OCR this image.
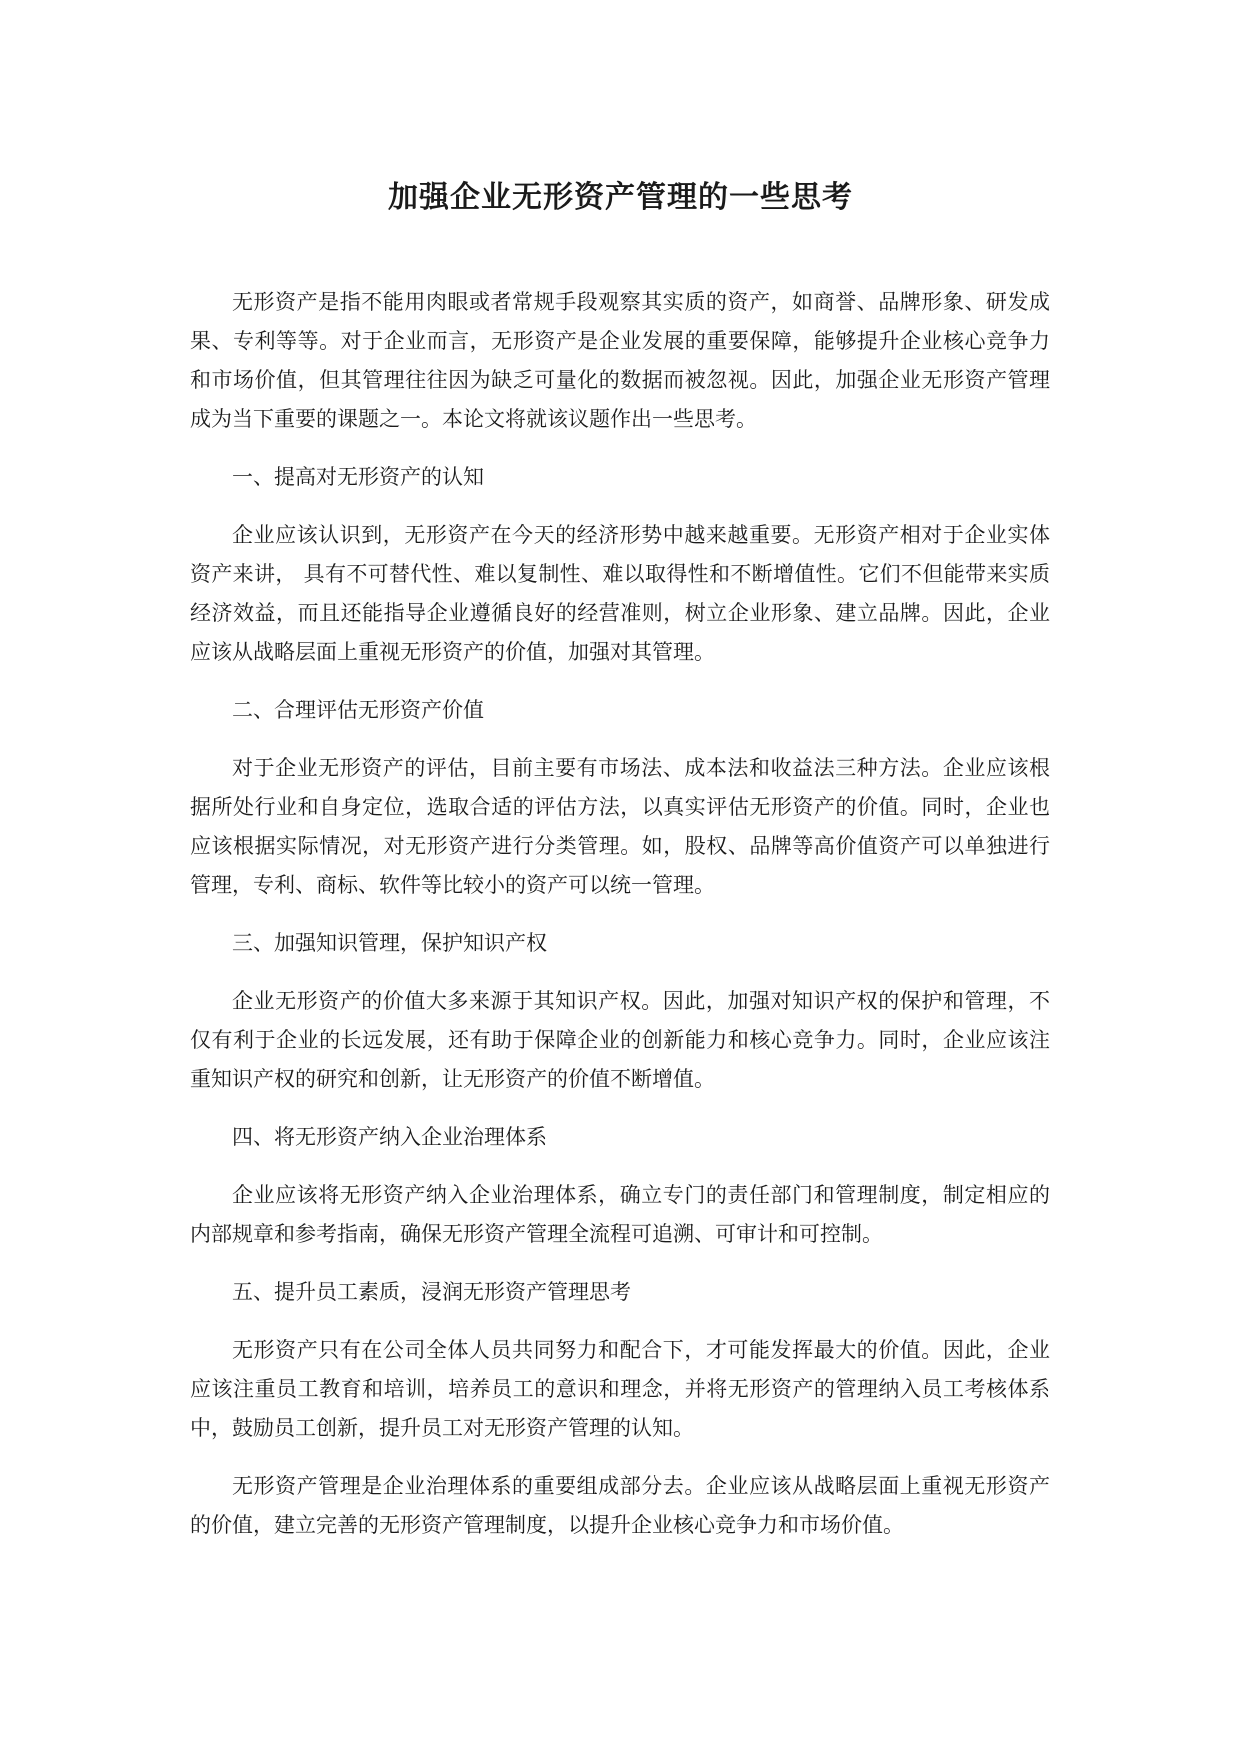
加强企业无形资产管理的一些思考

无形资产是指不能用肉眼或者常规手段观察其实质的资产，如商誉、品牌形象、研发成果、专利等等。对于企业而言，无形资产是企业发展的重要保障，能够提升企业核心竞争力和市场价值，但其管理往往因为缺乏可量化的数据而被忽视。因此，加强企业无形资产管理成为当下重要的课题之一。本论文将就该议题作出一些思考。

一、提高对无形资产的认知

企业应该认识到，无形资产在今天的经济形势中越来越重要。无形资产相对于企业实体资产来讲， 具有不可替代性、难以复制性、难以取得性和不断增值性。它们不但能带来实质经济效益，而且还能指导企业遵循良好的经营准则，树立企业形象、建立品牌。因此，企业应该从战略层面上重视无形资产的价值，加强对其管理。

二、合理评估无形资产价值

对于企业无形资产的评估，目前主要有市场法、成本法和收益法三种方法。企业应该根据所处行业和自身定位，选取合适的评估方法，以真实评估无形资产的价值。同时，企业也应该根据实际情况，对无形资产进行分类管理。如，股权、品牌等高价值资产可以单独进行管理，专利、商标、软件等比较小的资产可以统一管理。

三、加强知识管理，保护知识产权

企业无形资产的价值大多来源于其知识产权。因此，加强对知识产权的保护和管理，不仅有利于企业的长远发展，还有助于保障企业的创新能力和核心竞争力。同时，企业应该注重知识产权的研究和创新，让无形资产的价值不断增值。

四、将无形资产纳入企业治理体系

企业应该将无形资产纳入企业治理体系，确立专门的责任部门和管理制度，制定相应的内部规章和参考指南，确保无形资产管理全流程可追溯、可审计和可控制。

五、提升员工素质，浸润无形资产管理思考

无形资产只有在公司全体人员共同努力和配合下，才可能发挥最大的价值。因此，企业应该注重员工教育和培训，培养员工的意识和理念，并将无形资产的管理纳入员工考核体系中，鼓励员工创新，提升员工对无形资产管理的认知。

无形资产管理是企业治理体系的重要组成部分去。企业应该从战略层面上重视无形资产的价值，建立完善的无形资产管理制度，以提升企业核心竞争力和市场价值。
